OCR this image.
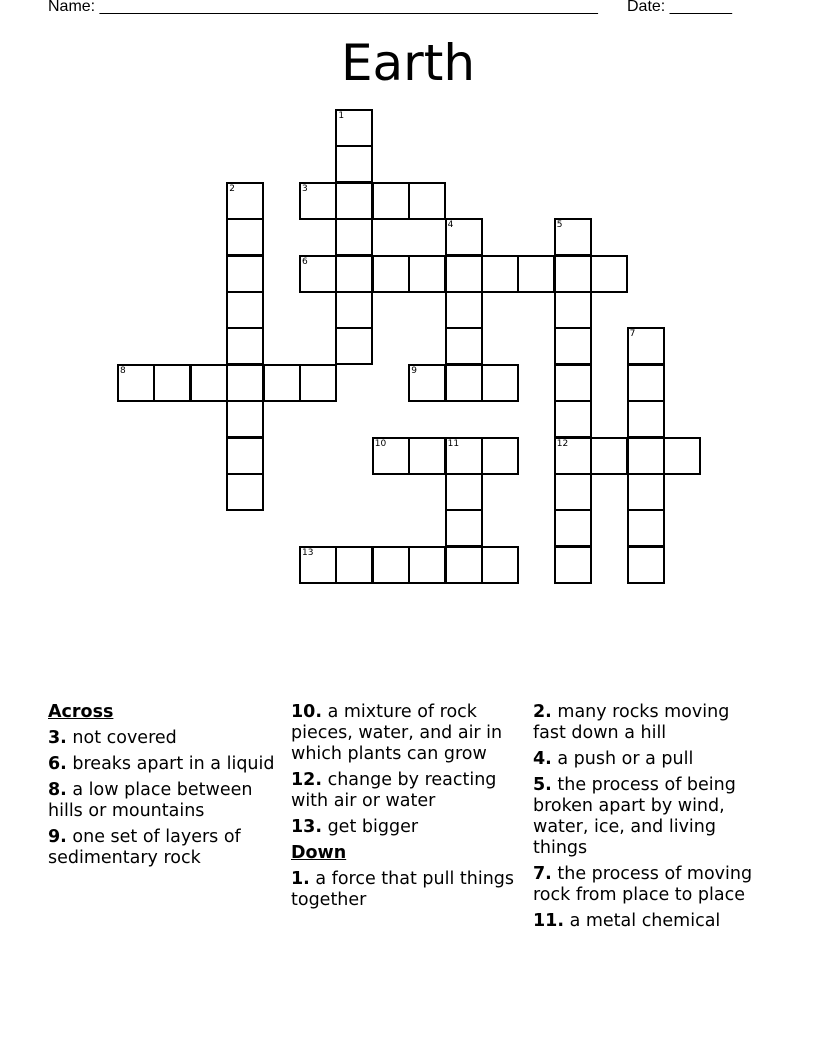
Name: ________________________________________________________ Date: _______
Earth
1
2	3
4	5
6
7
8	9
10	11	12
13
Across
3. not covered
6. breaks apart in a liquid
8. a low place between hills or mountains
9. one set of layers of sedimentary rock
10. a mixture of rock pieces, water, and air in which plants can grow
12. change by reacting with air or water
13. get bigger
Down
1. a force that pull things together
2. many rocks moving fast down a hill
4. a push or a pull
5. the process of being broken apart by wind, water, ice, and living things
7. the process of moving rock from place to place
11. a metal chemical
